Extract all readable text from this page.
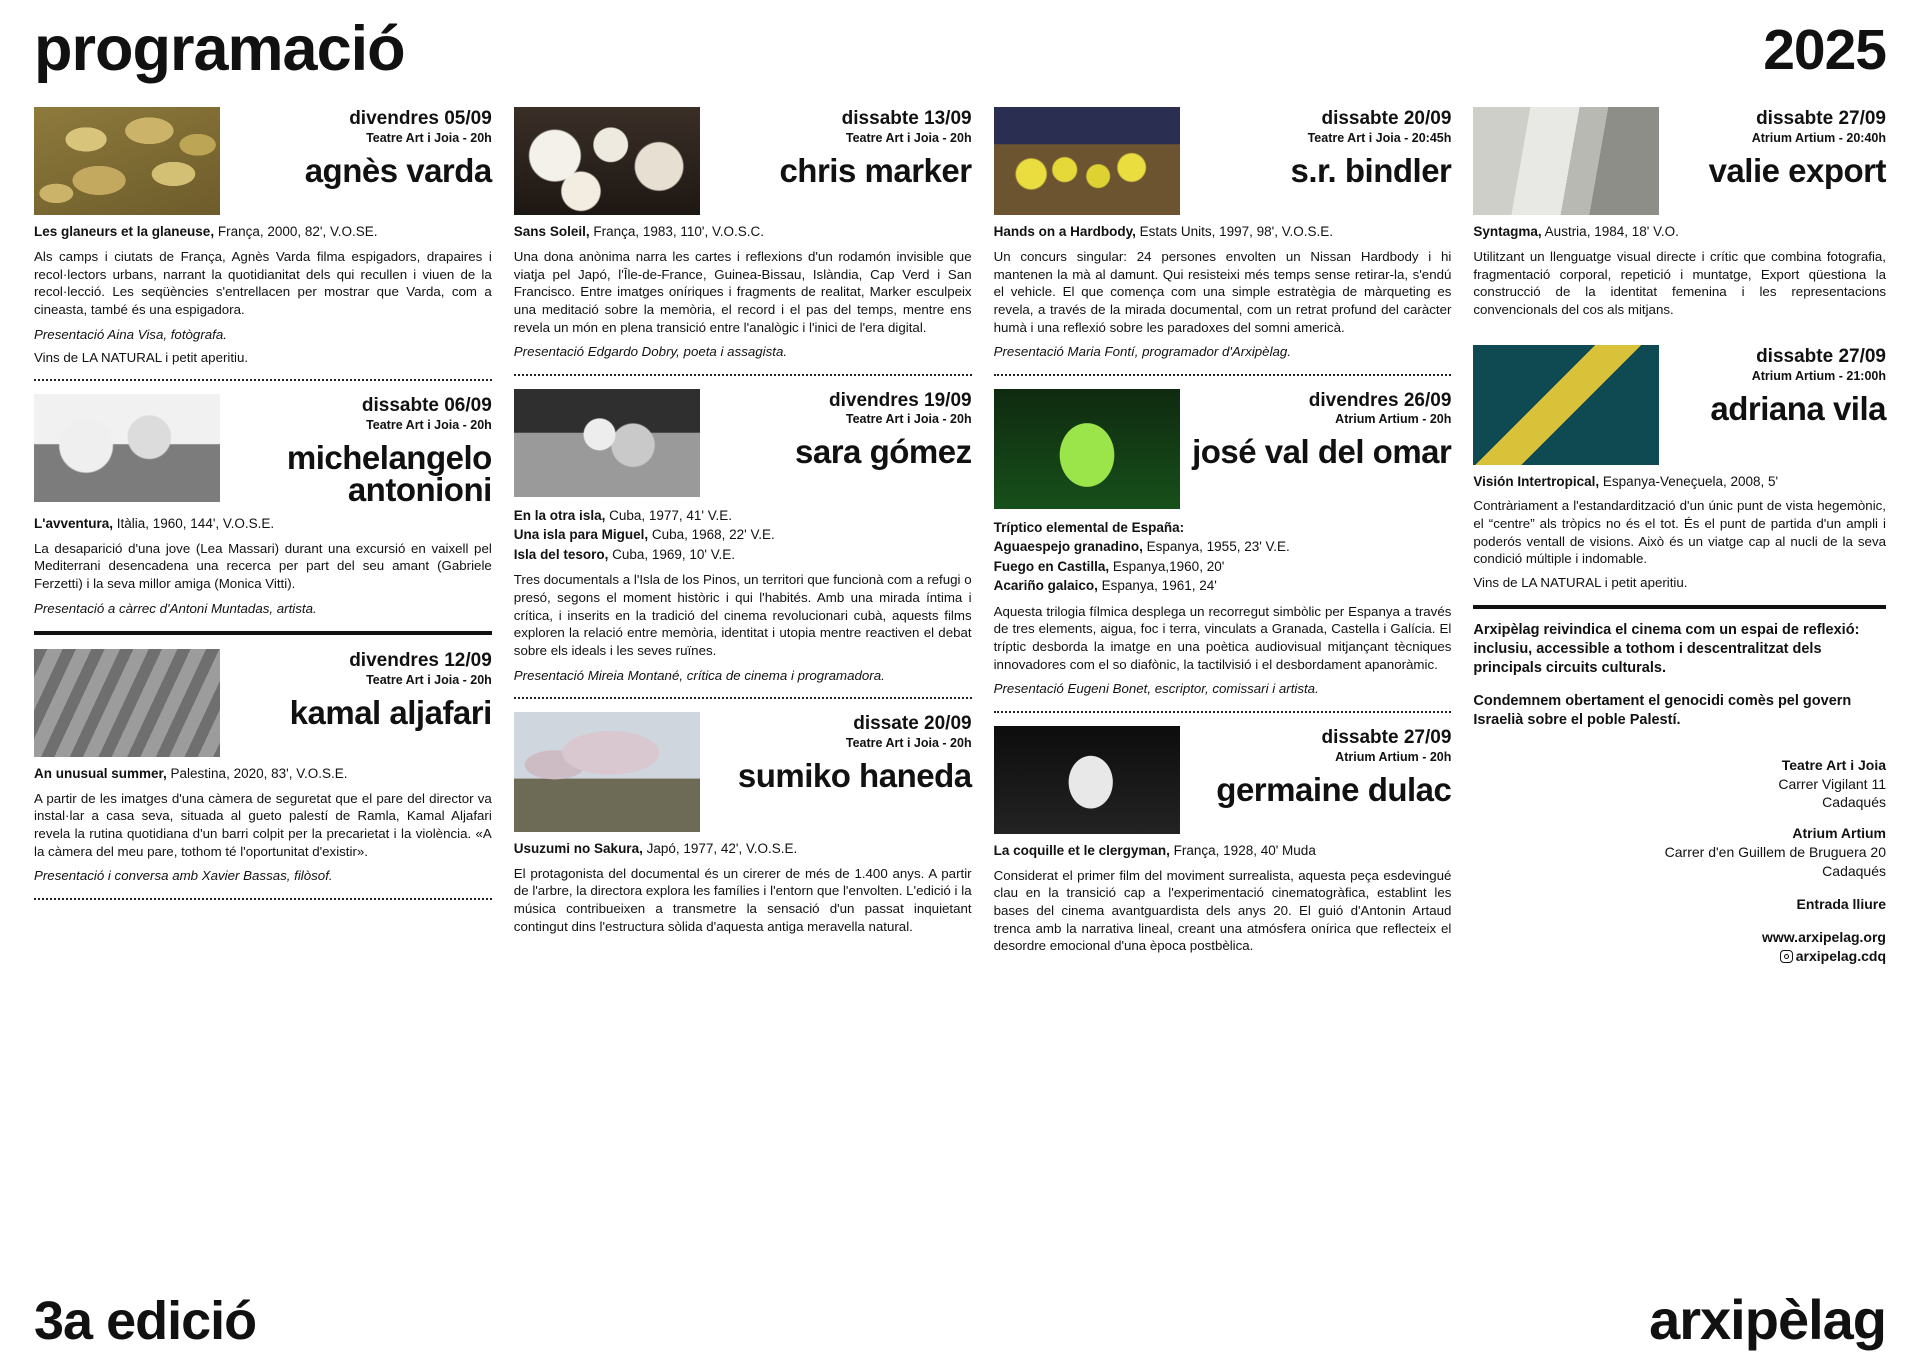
programació	2025
divendres 05/09
Teatre Art i Joia - 20h
agnès varda
Les glaneurs et la glaneuse, França, 2000, 82', V.O.SE.
Als camps i ciutats de França, Agnès Varda filma espigadors, drapaires i recol·lectors urbans, narrant la quotidianitat dels qui recullen i viuen de la recol·lecció. Les seqüències s'entrellacen per mostrar que Varda, com a cineasta, també és una espigadora.
Presentació Aina Visa, fotògrafa.
Vins de LA NATURAL i petit aperitiu.
dissabte 06/09
Teatre Art i Joia - 20h
michelangelo antonioni
L'avventura, Itàlia, 1960, 144', V.O.S.E.
La desaparició d'una jove (Lea Massari) durant una excursió en vaixell pel Mediterrani desencadena una recerca per part del seu amant (Gabriele Ferzetti) i la seva millor amiga (Monica Vitti).
Presentació a càrrec d'Antoni Muntadas, artista.
divendres 12/09
Teatre Art i Joia - 20h
kamal aljafari
An unusual summer, Palestina, 2020, 83', V.O.S.E.
A partir de les imatges d'una càmera de seguretat que el pare del director va instal·lar a casa seva, situada al gueto palestí de Ramla, Kamal Aljafari revela la rutina quotidiana d'un barri colpit per la precarietat i la violència. «A la càmera del meu pare, tothom té l'oportunitat d'existir».
Presentació i conversa amb Xavier Bassas, filòsof.
dissabte 13/09
Teatre Art i Joia - 20h
chris marker
Sans Soleil, França, 1983, 110', V.O.S.C.
Una dona anònima narra les cartes i reflexions d'un rodamón invisible que viatja pel Japó, l'Île-de-France, Guinea-Bissau, Islàndia, Cap Verd i San Francisco. Entre imatges oníriques i fragments de realitat, Marker esculpeix una meditació sobre la memòria, el record i el pas del temps, mentre ens revela un món en plena transició entre l'analògic i l'inici de l'era digital.
Presentació Edgardo Dobry, poeta i assagista.
divendres 19/09
Teatre Art i Joia - 20h
sara gómez
En la otra isla, Cuba, 1977, 41' V.E.
Una isla para Miguel, Cuba, 1968, 22' V.E.
Isla del tesoro, Cuba, 1969, 10' V.E.
Tres documentals a l'Isla de los Pinos, un territori que funcionà com a refugi o presó, segons el moment històric i qui l'habités. Amb una mirada íntima i crítica, i inserits en la tradició del cinema revolucionari cubà, aquests films exploren la relació entre memòria, identitat i utopia mentre reactiven el debat sobre els ideals i les seves ruïnes.
Presentació Mireia Montané, crítica de cinema i programadora.
dissate 20/09
Teatre Art i Joia - 20h
sumiko haneda
Usuzumi no Sakura, Japó, 1977, 42', V.O.S.E.
El protagonista del documental és un cirerer de més de 1.400 anys. A partir de l'arbre, la directora explora les famílies i l'entorn que l'envolten. L'edició i la música contribueixen a transmetre la sensació d'un passat inquietant contingut dins l'estructura sòlida d'aquesta antiga meravella natural.
dissabte 20/09
Teatre Art i Joia - 20:45h
s.r. bindler
Hands on a Hardbody, Estats Units, 1997, 98', V.O.S.E.
Un concurs singular: 24 persones envolten un Nissan Hardbody i hi mantenen la mà al damunt. Qui resisteixi més temps sense retirar-la, s'endú el vehicle. El que comença com una simple estratègia de màrqueting es revela, a través de la mirada documental, com un retrat profund del caràcter humà i una reflexió sobre les paradoxes del somni americà.
Presentació Maria Fontí, programador d'Arxipèlag.
divendres 26/09
Atrium Artium - 20h
josé val del omar
Tríptico elemental de España:
Aguaespejo granadino, Espanya, 1955, 23' V.E.
Fuego en Castilla, Espanya,1960, 20'
Acariño galaico, Espanya, 1961, 24'
Aquesta trilogia fílmica desplega un recorregut simbòlic per Espanya a través de tres elements, aigua, foc i terra, vinculats a Granada, Castella i Galícia. El tríptic desborda la imatge en una poètica audiovisual mitjançant tècniques innovadores com el so diafònic, la tactilvisió i el desbordament apanoràmic.
Presentació Eugeni Bonet, escriptor, comissari i artista.
dissabte 27/09
Atrium Artium - 20h
germaine dulac
La coquille et le clergyman, França, 1928, 40' Muda
Considerat el primer film del moviment surrealista, aquesta peça esdevingué clau en la transició cap a l'experimentació cinematogràfica, establint les bases del cinema avantguardista dels anys 20. El guió d'Antonin Artaud trenca amb la narrativa lineal, creant una atmósfera onírica que reflecteix el desordre emocional d'una època postbèlica.
dissabte 27/09
Atrium Artium - 20:40h
valie export
Syntagma, Austria, 1984, 18' V.O.
Utilitzant un llenguatge visual directe i crític que combina fotografia, fragmentació corporal, repetició i muntatge, Export qüestiona la construcció de la identitat femenina i les representacions convencionals del cos als mitjans.
dissabte 27/09
Atrium Artium - 21:00h
adriana vila
Visión Intertropical, Espanya-Veneçuela, 2008, 5'
Contràriament a l'estandardització d'un únic punt de vista hegemònic, el “centre” als tròpics no és el tot. És el punt de partida d'un ampli i poderós ventall de visions. Això és un viatge cap al nucli de la seva condició múltiple i indomable.
Vins de LA NATURAL i petit aperitiu.

Arxipèlag reivindica el cinema com un espai de reflexió: inclusiu, accessible a tothom i descentralitzat dels principals circuits culturals.

Condemnem obertament el genocidi comès pel govern Israelià sobre el poble Palestí.

Teatre Art i Joia
Carrer Vigilant 11
Cadaqués
Atrium Artium
Carrer d'en Guillem de Bruguera 20
Cadaqués
Entrada lliure
www.arxipelag.org
arxipelag.cdq
3a edició	arxipèlag
